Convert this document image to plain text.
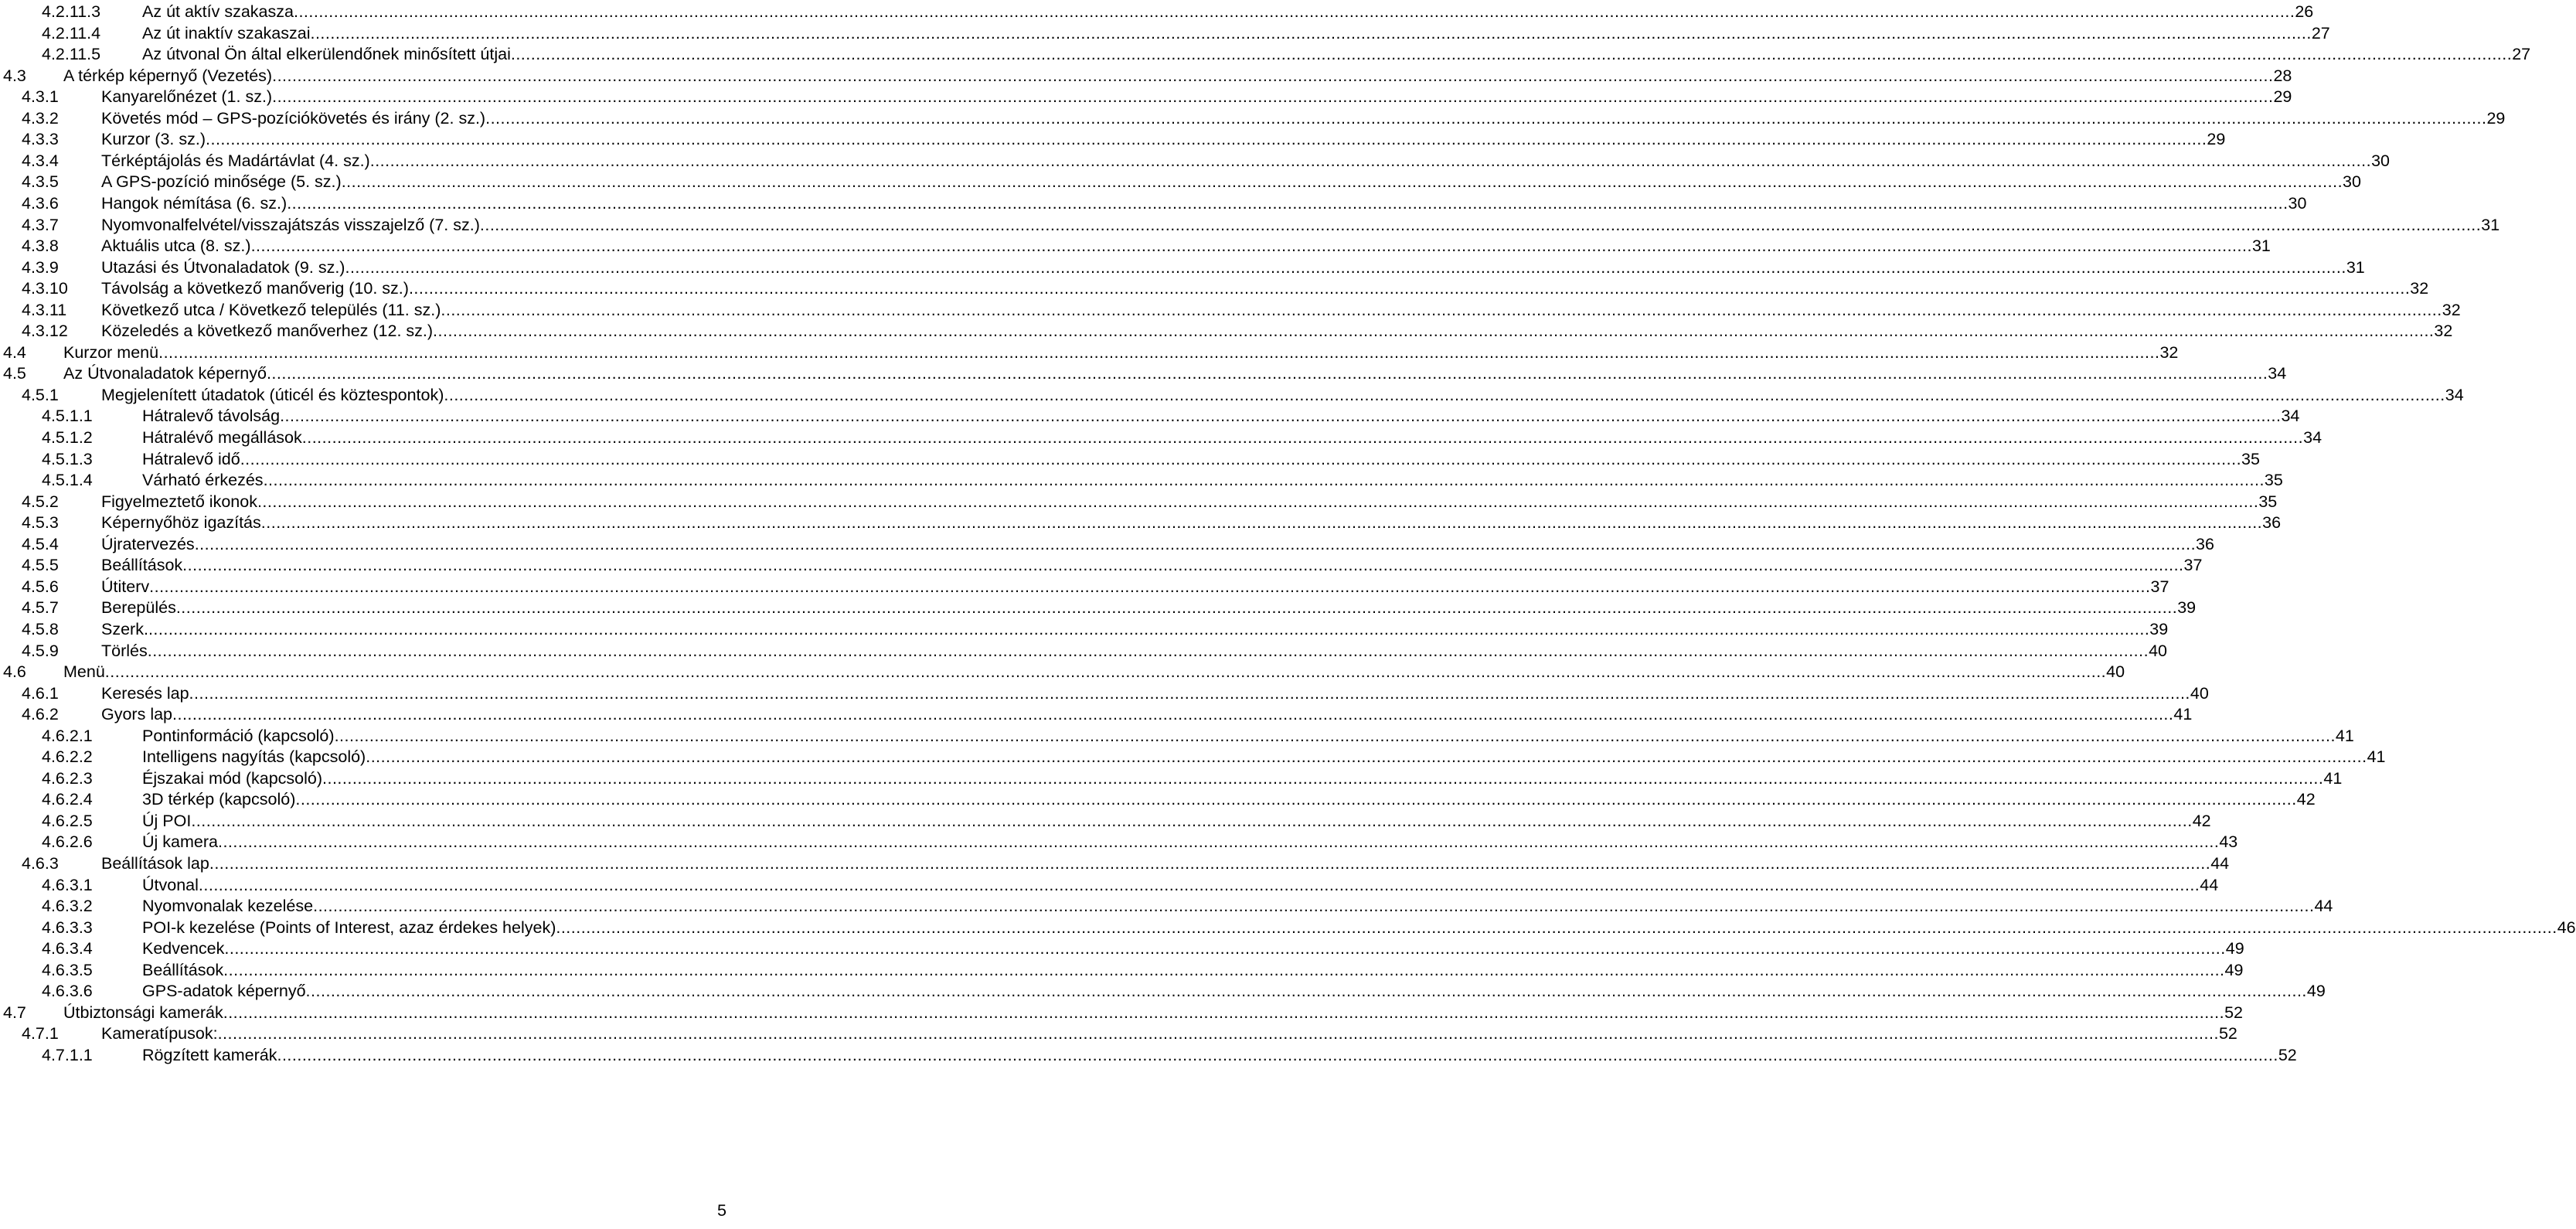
4.2.11.3	Az út aktív szakasza ................................................................................................................................................................................................................................................................................................................................................................................................................ 26
4.2.11.4	Az út inaktív szakaszai ................................................................................................................................................................................................................................................................................................................................................................................................................ 27
4.2.11.5	Az útvonal Ön által elkerülendőnek minősített útjai ................................................................................................................................................................................................................................................................................................................................................................................................................ 27
4.3 A térkép képernyő (Vezetés) ................................................................................................................................................................................................................................................................................................................................................................................................................ 28
4.3.1	Kanyarelőnézet (1. sz.) ................................................................................................................................................................................................................................................................................................................................................................................................................ 29
4.3.2	Követés mód – GPS-pozíciókövetés és irány (2. sz.) ................................................................................................................................................................................................................................................................................................................................................................................................................ 29
4.3.3	Kurzor (3. sz.) ................................................................................................................................................................................................................................................................................................................................................................................................................ 29
4.3.4	Térképtájolás és Madártávlat (4. sz.) ................................................................................................................................................................................................................................................................................................................................................................................................................ 30
4.3.5	A GPS-pozíció minősége (5. sz.) ................................................................................................................................................................................................................................................................................................................................................................................................................ 30
4.3.6	Hangok némítása (6. sz.) ................................................................................................................................................................................................................................................................................................................................................................................................................ 30
4.3.7	Nyomvonalfelvétel/visszajátszás visszajelző (7. sz.) ................................................................................................................................................................................................................................................................................................................................................................................................................ 31
4.3.8	Aktuális utca (8. sz.) ................................................................................................................................................................................................................................................................................................................................................................................................................ 31
4.3.9	Utazási és Útvonaladatok (9. sz.) ................................................................................................................................................................................................................................................................................................................................................................................................................ 31
4.3.10 Távolság a következő manőverig (10. sz.) ................................................................................................................................................................................................................................................................................................................................................................................................................ 32
4.3.11 Következő utca / Következő település (11. sz.) ................................................................................................................................................................................................................................................................................................................................................................................................................ 32
4.3.12 Közeledés a következő manőverhez (12. sz.) ................................................................................................................................................................................................................................................................................................................................................................................................................ 32
4.4 Kurzor menü ................................................................................................................................................................................................................................................................................................................................................................................................................ 32
4.5 Az Útvonaladatok képernyő ................................................................................................................................................................................................................................................................................................................................................................................................................ 34
4.5.1	Megjelenített útadatok (úticél és köztespontok) ................................................................................................................................................................................................................................................................................................................................................................................................................ 34
4.5.1.1	Hátralevő távolság ................................................................................................................................................................................................................................................................................................................................................................................................................ 34
4.5.1.2	Hátralévő megállások ................................................................................................................................................................................................................................................................................................................................................................................................................ 34
4.5.1.3	Hátralevő idő ................................................................................................................................................................................................................................................................................................................................................................................................................ 35
4.5.1.4	Várható érkezés ................................................................................................................................................................................................................................................................................................................................................................................................................ 35
4.5.2	Figyelmeztető ikonok ................................................................................................................................................................................................................................................................................................................................................................................................................ 35
4.5.3	Képernyőhöz igazítás ................................................................................................................................................................................................................................................................................................................................................................................................................ 36
4.5.4	Újratervezés ................................................................................................................................................................................................................................................................................................................................................................................................................ 36
4.5.5	Beállítások ................................................................................................................................................................................................................................................................................................................................................................................................................ 37
4.5.6	Útiterv ................................................................................................................................................................................................................................................................................................................................................................................................................ 37
4.5.7	Berepülés ................................................................................................................................................................................................................................................................................................................................................................................................................ 39
4.5.8	Szerk. ................................................................................................................................................................................................................................................................................................................................................................................................................ 39
4.5.9	Törlés ................................................................................................................................................................................................................................................................................................................................................................................................................ 40
4.6 Menü ................................................................................................................................................................................................................................................................................................................................................................................................................ 40
4.6.1	Keresés lap ................................................................................................................................................................................................................................................................................................................................................................................................................ 40
4.6.2	Gyors lap ................................................................................................................................................................................................................................................................................................................................................................................................................ 41
4.6.2.1	Pontinformáció (kapcsoló) ................................................................................................................................................................................................................................................................................................................................................................................................................ 41
4.6.2.2	Intelligens nagyítás (kapcsoló) ................................................................................................................................................................................................................................................................................................................................................................................................................ 41
4.6.2.3	Éjszakai mód (kapcsoló) ................................................................................................................................................................................................................................................................................................................................................................................................................ 41
4.6.2.4	3D térkép (kapcsoló) ................................................................................................................................................................................................................................................................................................................................................................................................................ 42
4.6.2.5	Új POI ................................................................................................................................................................................................................................................................................................................................................................................................................ 42
4.6.2.6	Új kamera ................................................................................................................................................................................................................................................................................................................................................................................................................ 43
4.6.3	Beállítások lap ................................................................................................................................................................................................................................................................................................................................................................................................................ 44
4.6.3.1	Útvonal ................................................................................................................................................................................................................................................................................................................................................................................................................ 44
4.6.3.2	Nyomvonalak kezelése ................................................................................................................................................................................................................................................................................................................................................................................................................ 44
4.6.3.3	POI-k kezelése (Points of Interest, azaz érdekes helyek) ................................................................................................................................................................................................................................................................................................................................................................................................................ 46
4.6.3.4	Kedvencek ................................................................................................................................................................................................................................................................................................................................................................................................................ 49
4.6.3.5	Beállítások ................................................................................................................................................................................................................................................................................................................................................................................................................ 49
4.6.3.6	GPS-adatok képernyő ................................................................................................................................................................................................................................................................................................................................................................................................................ 49
4.7 Útbiztonsági kamerák ................................................................................................................................................................................................................................................................................................................................................................................................................ 52
4.7.1	Kameratípusok: ................................................................................................................................................................................................................................................................................................................................................................................................................ 52
4.7.1.1	Rögzített kamerák ................................................................................................................................................................................................................................................................................................................................................................................................................ 52
5
